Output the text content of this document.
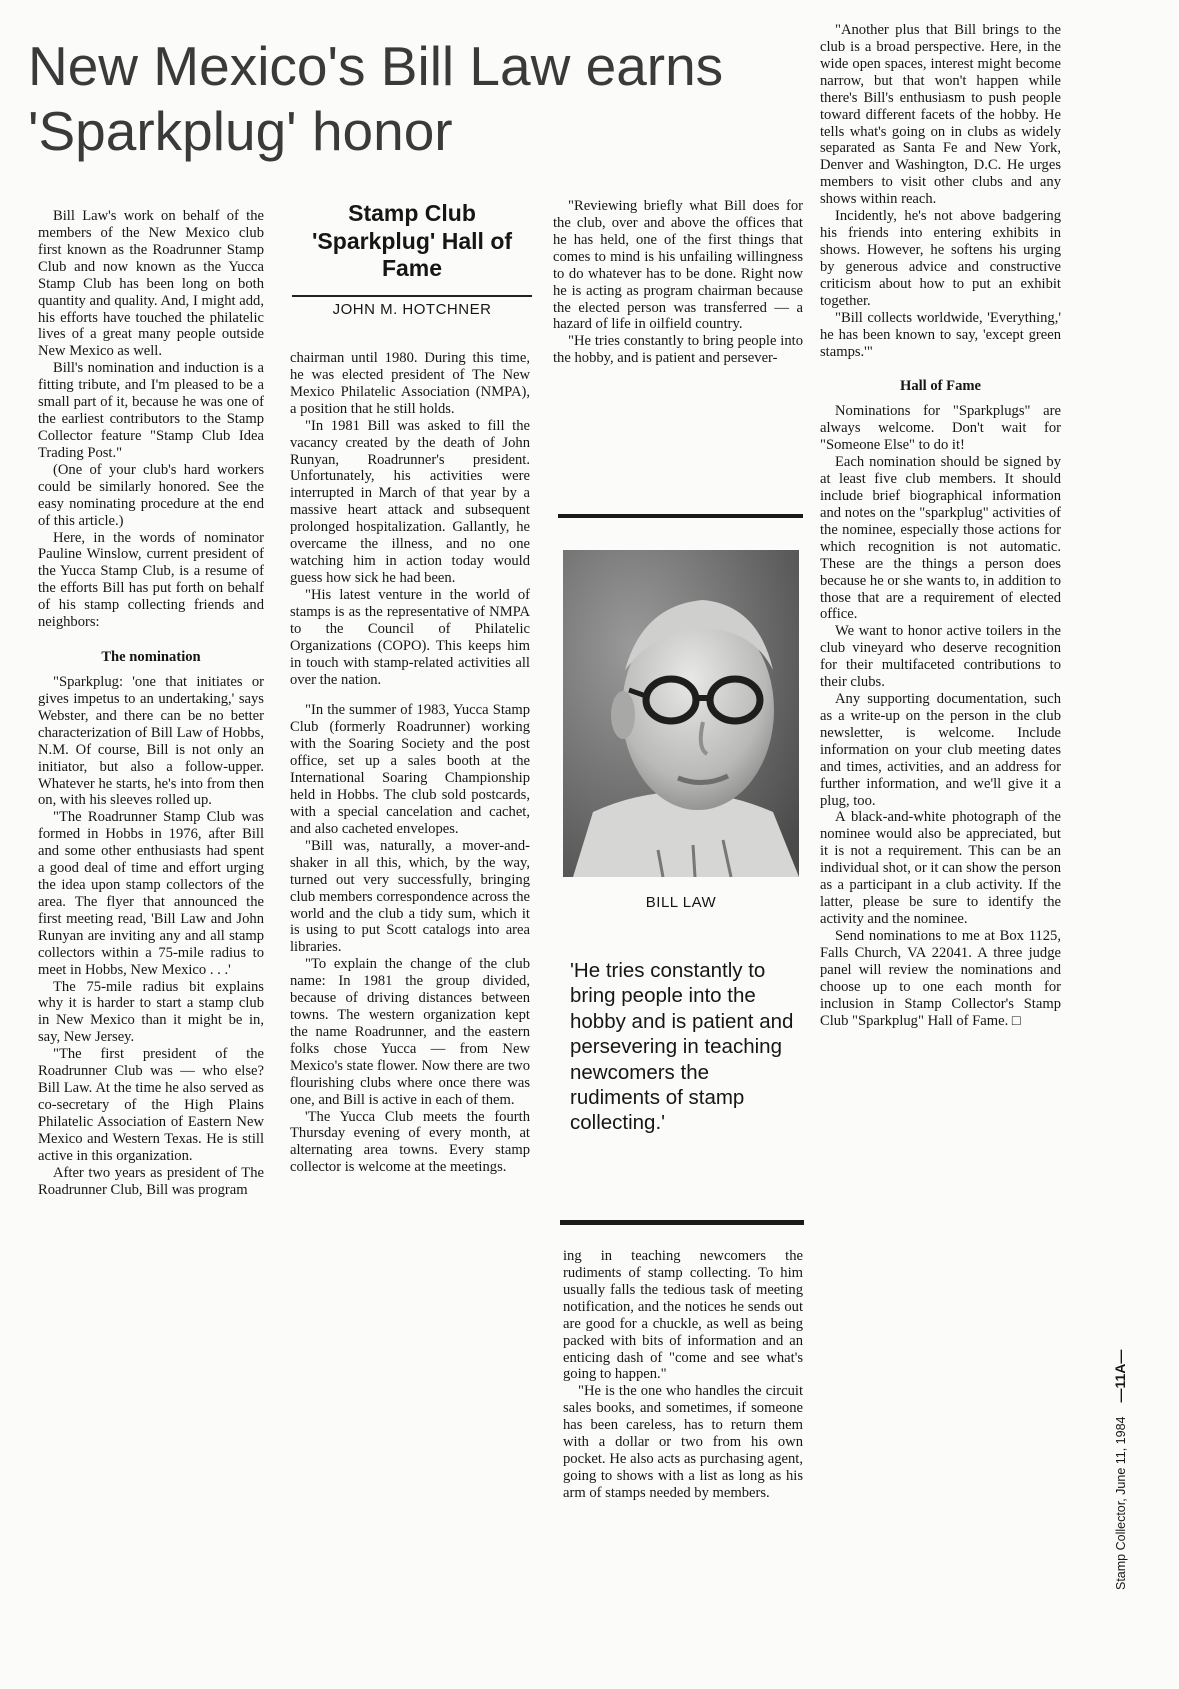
New Mexico's Bill Law earns 'Sparkplug' honor

Bill Law's work on behalf of the members of the New Mexico club first known as the Roadrunner Stamp Club and now known as the Yucca Stamp Club has been long on both quantity and quality. And, I might add, his efforts have touched the philatelic lives of a great many people outside New Mexico as well.

Bill's nomination and induction is a fitting tribute, and I'm pleased to be a small part of it, because he was one of the earliest contributors to the Stamp Collector feature "Stamp Club Idea Trading Post."

(One of your club's hard workers could be similarly honored. See the easy nominating procedure at the end of this article.)

Here, in the words of nominator Pauline Winslow, current president of the Yucca Stamp Club, is a resume of the efforts Bill has put forth on behalf of his stamp collecting friends and neighbors:

The nomination

"Sparkplug: 'one that initiates or gives impetus to an undertaking,' says Webster, and there can be no better characterization of Bill Law of Hobbs, N.M. Of course, Bill is not only an initiator, but also a follow-upper. Whatever he starts, he's into from then on, with his sleeves rolled up.

"The Roadrunner Stamp Club was formed in Hobbs in 1976, after Bill and some other enthusiasts had spent a good deal of time and effort urging the idea upon stamp collectors of the area. The flyer that announced the first meeting read, 'Bill Law and John Runyan are inviting any and all stamp collectors within a 75-mile radius to meet in Hobbs, New Mexico . . .'

The 75-mile radius bit explains why it is harder to start a stamp club in New Mexico than it might be in, say, New Jersey.

"The first president of the Roadrunner Club was — who else? Bill Law. At the time he also served as co-secretary of the High Plains Philatelic Association of Eastern New Mexico and Western Texas. He is still active in this organization.

After two years as president of The Roadrunner Club, Bill was program

Stamp Club 'Sparkplug' Hall of Fame
JOHN M. HOTCHNER

chairman until 1980. During this time, he was elected president of The New Mexico Philatelic Association (NMPA), a position that he still holds.

"In 1981 Bill was asked to fill the vacancy created by the death of John Runyan, Roadrunner's president. Unfortunately, his activities were interrupted in March of that year by a massive heart attack and subsequent prolonged hospitalization. Gallantly, he overcame the illness, and no one watching him in action today would guess how sick he had been.

"His latest venture in the world of stamps is as the representative of NMPA to the Council of Philatelic Organizations (COPO). This keeps him in touch with stamp-related activities all over the nation.

"In the summer of 1983, Yucca Stamp Club (formerly Roadrunner) working with the Soaring Society and the post office, set up a sales booth at the International Soaring Championship held in Hobbs. The club sold postcards, with a special cancelation and cachet, and also cacheted envelopes.

"Bill was, naturally, a mover-and-shaker in all this, which, by the way, turned out very successfully, bringing club members correspondence across the world and the club a tidy sum, which it is using to put Scott catalogs into area libraries.

"To explain the change of the club name: In 1981 the group divided, because of driving distances between towns. The western organization kept the name Roadrunner, and the eastern folks chose Yucca — from New Mexico's state flower. Now there are two flourishing clubs where once there was one, and Bill is active in each of them.

'The Yucca Club meets the fourth Thursday evening of every month, at alternating area towns. Every stamp collector is welcome at the meetings.

"Reviewing briefly what Bill does for the club, over and above the offices that he has held, one of the first things that comes to mind is his unfailing willingness to do whatever has to be done. Right now he is acting as program chairman because the elected person was transferred — a hazard of life in oilfield country.

"He tries constantly to bring people into the hobby, and is patient and persever-

BILL LAW
'He tries constantly to bring people into the hobby and is patient and persevering in teaching newcomers the rudiments of stamp collecting.'

ing in teaching newcomers the rudiments of stamp collecting. To him usually falls the tedious task of meeting notification, and the notices he sends out are good for a chuckle, as well as being packed with bits of information and an enticing dash of "come and see what's going to happen."

"He is the one who handles the circuit sales books, and sometimes, if someone has been careless, has to return them with a dollar or two from his own pocket. He also acts as purchasing agent, going to shows with a list as long as his arm of stamps needed by members.

"Another plus that Bill brings to the club is a broad perspective. Here, in the wide open spaces, interest might become narrow, but that won't happen while there's Bill's enthusiasm to push people toward different facets of the hobby. He tells what's going on in clubs as widely separated as Santa Fe and New York, Denver and Washington, D.C. He urges members to visit other clubs and any shows within reach.

Incidently, he's not above badgering his friends into entering exhibits in shows. However, he softens his urging by generous advice and constructive criticism about how to put an exhibit together.

"Bill collects worldwide, 'Everything,' he has been known to say, 'except green stamps.'"

Hall of Fame

Nominations for "Sparkplugs" are always welcome. Don't wait for "Someone Else" to do it!

Each nomination should be signed by at least five club members. It should include brief biographical information and notes on the "sparkplug" activities of the nominee, especially those actions for which recognition is not automatic. These are the things a person does because he or she wants to, in addition to those that are a requirement of elected office.

We want to honor active toilers in the club vineyard who deserve recognition for their multifaceted contributions to their clubs.

Any supporting documentation, such as a write-up on the person in the club newsletter, is welcome. Include information on your club meeting dates and times, activities, and an address for further information, and we'll give it a plug, too.

A black-and-white photograph of the nominee would also be appreciated, but it is not a requirement. This can be an individual shot, or it can show the person as a participant in a club activity. If the latter, please be sure to identify the activity and the nominee.

Send nominations to me at Box 1125, Falls Church, VA 22041. A three judge panel will review the nominations and choose up to one each month for inclusion in Stamp Collector's Stamp Club "Sparkplug" Hall of Fame. □

Stamp Collector, June 11, 1984—11A—
